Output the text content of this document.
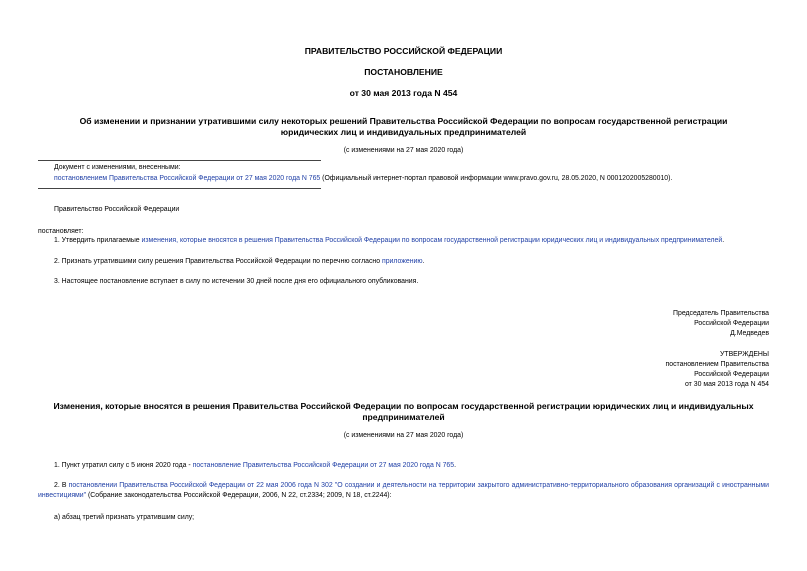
ПРАВИТЕЛЬСТВО РОССИЙСКОЙ ФЕДЕРАЦИИ
ПОСТАНОВЛЕНИЕ
от 30 мая 2013 года N 454
Об изменении и признании утратившими силу некоторых решений Правительства Российской Федерации по вопросам государственной регистрации
юридических лиц и индивидуальных предпринимателей
(с изменениями на 27 мая 2020 года)
Документ с изменениями, внесенными:
постановлением Правительства Российской Федерации от 27 мая 2020 года N 765 (Официальный интернет-портал правовой информации www.pravo.gov.ru, 28.05.2020, N 0001202005280010).
Правительство Российской Федерации
постановляет:
1. Утвердить прилагаемые изменения, которые вносятся в решения Правительства Российской Федерации по вопросам государственной регистрации юридических лиц и индивидуальных предпринимателей.
2. Признать утратившими силу решения Правительства Российской Федерации по перечню согласно приложению.
3. Настоящее постановление вступает в силу по истечении 30 дней после дня его официального опубликования.
Председатель Правительства
Российской Федерации
Д.Медведев
УТВЕРЖДЕНЫ
постановлением Правительства
Российской Федерации
от 30 мая 2013 года N 454
Изменения, которые вносятся в решения Правительства Российской Федерации по вопросам государственной регистрации юридических лиц и индивидуальных
предпринимателей
(с изменениями на 27 мая 2020 года)
1. Пункт утратил силу с 5 июня 2020 года - постановление Правительства Российской Федерации от 27 мая 2020 года N 765.
2. В постановлении Правительства Российской Федерации от 22 мая 2006 года N 302 "О создании и деятельности на территории закрытого административно-территориального образования организаций с иностранными инвестициями" (Собрание законодательства Российской Федерации, 2006, N 22, ст.2334; 2009, N 18, ст.2244):
а) абзац третий признать утратившим силу;
